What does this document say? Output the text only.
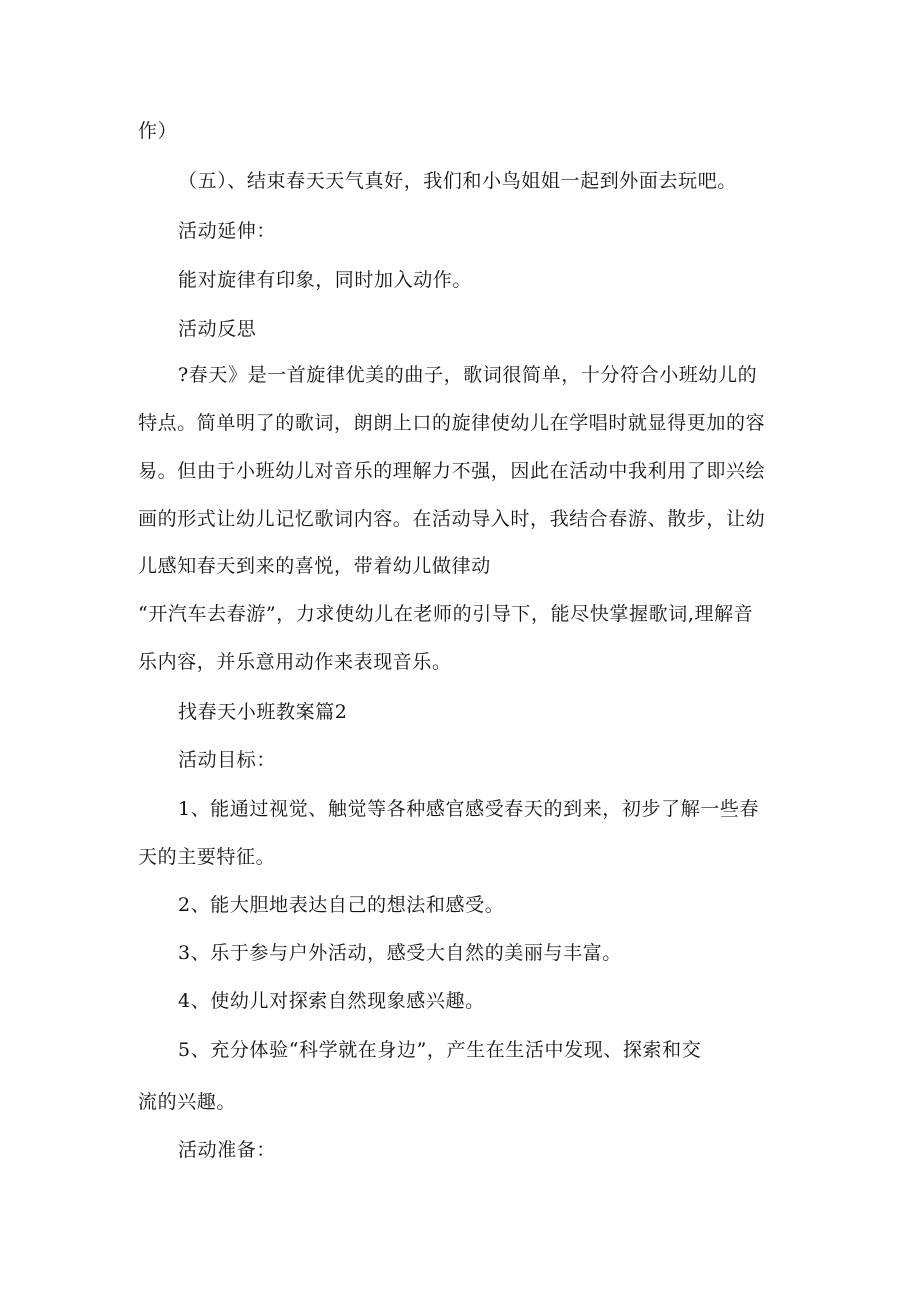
作）
（五）、结束春天天气真好，我们和小鸟姐姐一起到外面去玩吧。
活动延伸：
能对旋律有印象，同时加入动作。
活动反思
?春天》是一首旋律优美的曲子，歌词很简单，十分符合小班幼儿的
特点。简单明了的歌词，朗朗上口的旋律使幼儿在学唱时就显得更加的容
易。但由于小班幼儿对音乐的理解力不强，因此在活动中我利用了即兴绘
画的形式让幼儿记忆歌词内容。在活动导入时，我结合春游、散步，让幼
儿感知春天到来的喜悦，带着幼儿做律动
“开汽车去春游”，力求使幼儿在老师的引导下，能尽快掌握歌词,理解音
乐内容，并乐意用动作来表现音乐。
找春天小班教案篇2
活动目标：
1、能通过视觉、触觉等各种感官感受春天的到来，初步了解一些春
天的主要特征。
2、能大胆地表达自己的想法和感受。
3、乐于参与户外活动，感受大自然的美丽与丰富。
4、使幼儿对探索自然现象感兴趣。
5、充分体验“科学就在身边”，产生在生活中发现、探索和交
流的兴趣。
活动准备：
